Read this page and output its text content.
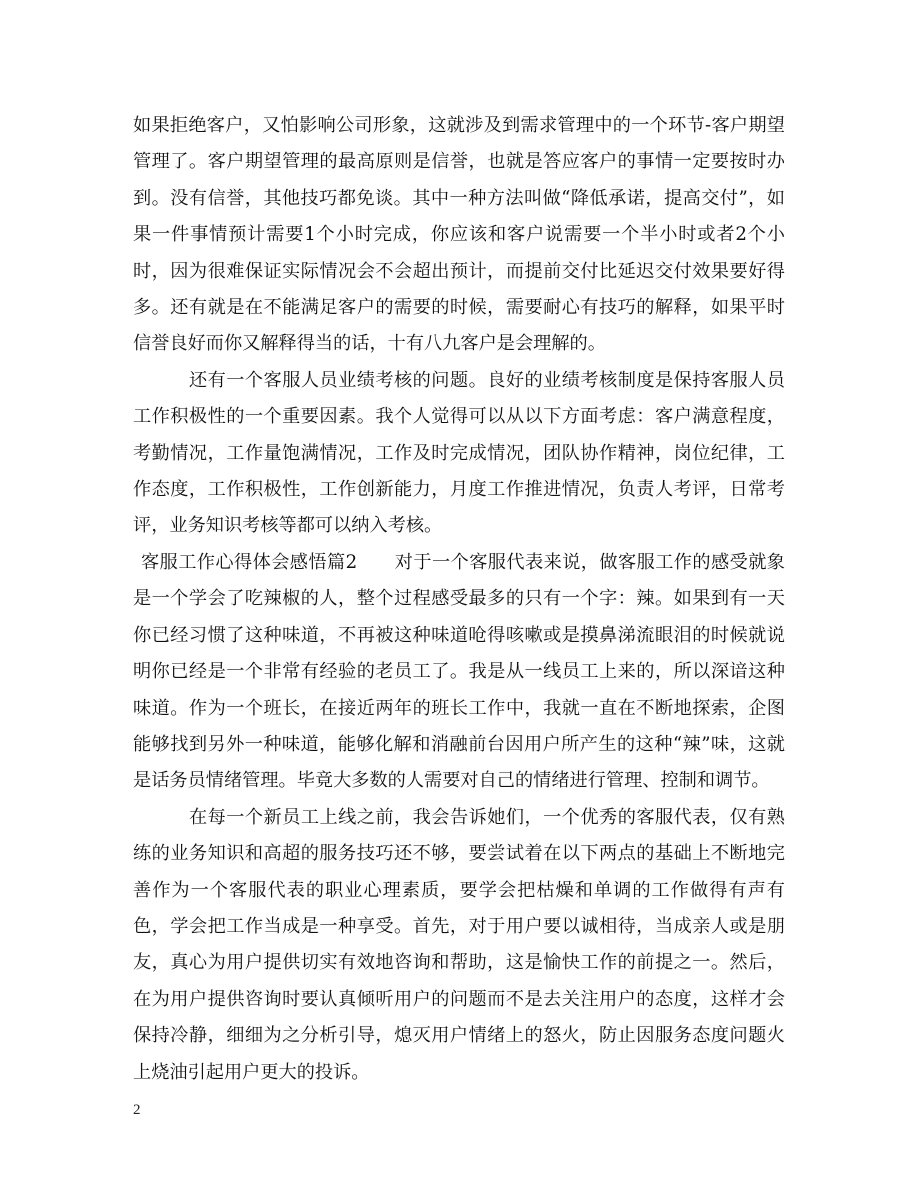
如果拒绝客户，又怕影响公司形象，这就涉及到需求管理中的一个环节-客户期望管理了。客户期望管理的最高原则是信誉，也就是答应客户的事情一定要按时办到。没有信誉，其他技巧都免谈。其中一种方法叫做“降低承诺，提高交付”，如果一件事情预计需要1个小时完成，你应该和客户说需要一个半小时或者2个小时，因为很难保证实际情况会不会超出预计，而提前交付比延迟交付效果要好得多。还有就是在不能满足客户的需要的时候，需要耐心有技巧的解释，如果平时信誉良好而你又解释得当的话，十有八九客户是会理解的。

还有一个客服人员业绩考核的问题。良好的业绩考核制度是保持客服人员工作积极性的一个重要因素。我个人觉得可以从以下方面考虑：客户满意程度，考勤情况，工作量饱满情况，工作及时完成情况，团队协作精神，岗位纪律，工作态度，工作积极性，工作创新能力，月度工作推进情况，负责人考评，日常考评，业务知识考核等都可以纳入考核。

客服工作心得体会感悟篇2　　对于一个客服代表来说，做客服工作的感受就象是一个学会了吃辣椒的人，整个过程感受最多的只有一个字：辣。如果到有一天你已经习惯了这种味道，不再被这种味道呛得咳嗽或是摸鼻涕流眼泪的时候就说明你已经是一个非常有经验的老员工了。我是从一线员工上来的，所以深谙这种味道。作为一个班长，在接近两年的班长工作中，我就一直在不断地探索，企图能够找到另外一种味道，能够化解和消融前台因用户所产生的这种“辣”味，这就是话务员情绪管理。毕竟大多数的人需要对自己的情绪进行管理、控制和调节。

在每一个新员工上线之前，我会告诉她们，一个优秀的客服代表，仅有熟练的业务知识和高超的服务技巧还不够，要尝试着在以下两点的基础上不断地完善作为一个客服代表的职业心理素质，要学会把枯燥和单调的工作做得有声有色，学会把工作当成是一种享受。首先，对于用户要以诚相待，当成亲人或是朋友，真心为用户提供切实有效地咨询和帮助，这是愉快工作的前提之一。然后，在为用户提供咨询时要认真倾听用户的问题而不是去关注用户的态度，这样才会保持冷静，细细为之分析引导，熄灭用户情绪上的怒火，防止因服务态度问题火上烧油引起用户更大的投诉。

2
